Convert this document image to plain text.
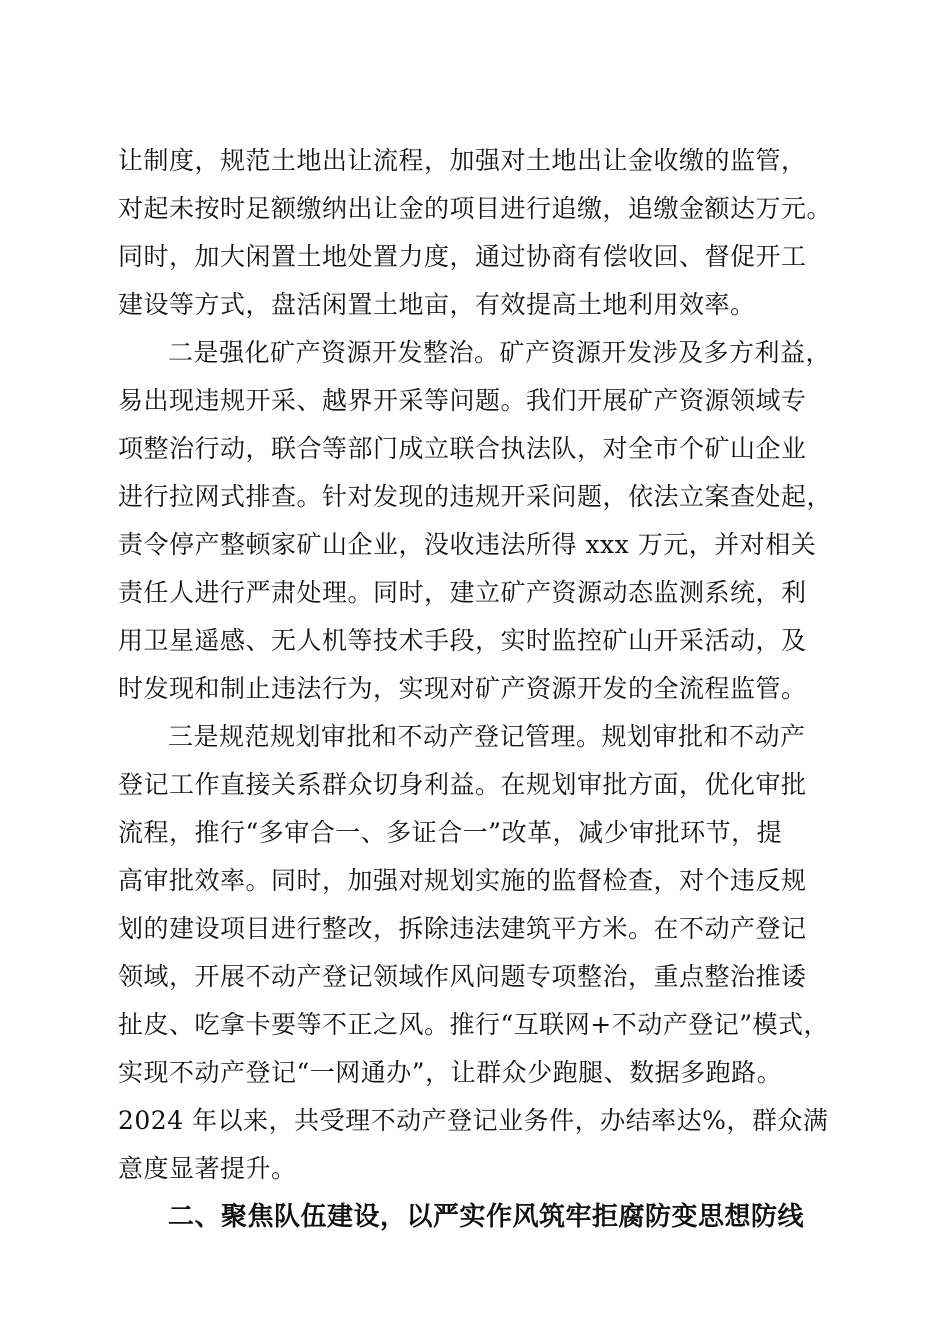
让制度，规范土地出让流程，加强对土地出让金收缴的监管，
对起未按时足额缴纳出让金的项目进行追缴，追缴金额达万元。
同时，加大闲置土地处置力度，通过协商有偿收回、督促开工
建设等方式，盘活闲置土地亩，有效提高土地利用效率。
二是强化矿产资源开发整治。矿产资源开发涉及多方利益，
易出现违规开采、越界开采等问题。我们开展矿产资源领域专
项整治行动，联合等部门成立联合执法队，对全市个矿山企业
进行拉网式排查。针对发现的违规开采问题，依法立案查处起，
责令停产整顿家矿山企业，没收违法所得 xxx 万元，并对相关
责任人进行严肃处理。同时，建立矿产资源动态监测系统，利
用卫星遥感、无人机等技术手段，实时监控矿山开采活动，及
时发现和制止违法行为，实现对矿产资源开发的全流程监管。
三是规范规划审批和不动产登记管理。规划审批和不动产
登记工作直接关系群众切身利益。在规划审批方面，优化审批
流程，推行“多审合一、多证合一”改革，减少审批环节，提
高审批效率。同时，加强对规划实施的监督检查，对个违反规
划的建设项目进行整改，拆除违法建筑平方米。在不动产登记
领域，开展不动产登记领域作风问题专项整治，重点整治推诿
扯皮、吃拿卡要等不正之风。推行“互联网+不动产登记”模式，
实现不动产登记“一网通办”，让群众少跑腿、数据多跑路。
2024 年以来，共受理不动产登记业务件，办结率达%，群众满
意度显著提升。
二、聚焦队伍建设，以严实作风筑牢拒腐防变思想防线
